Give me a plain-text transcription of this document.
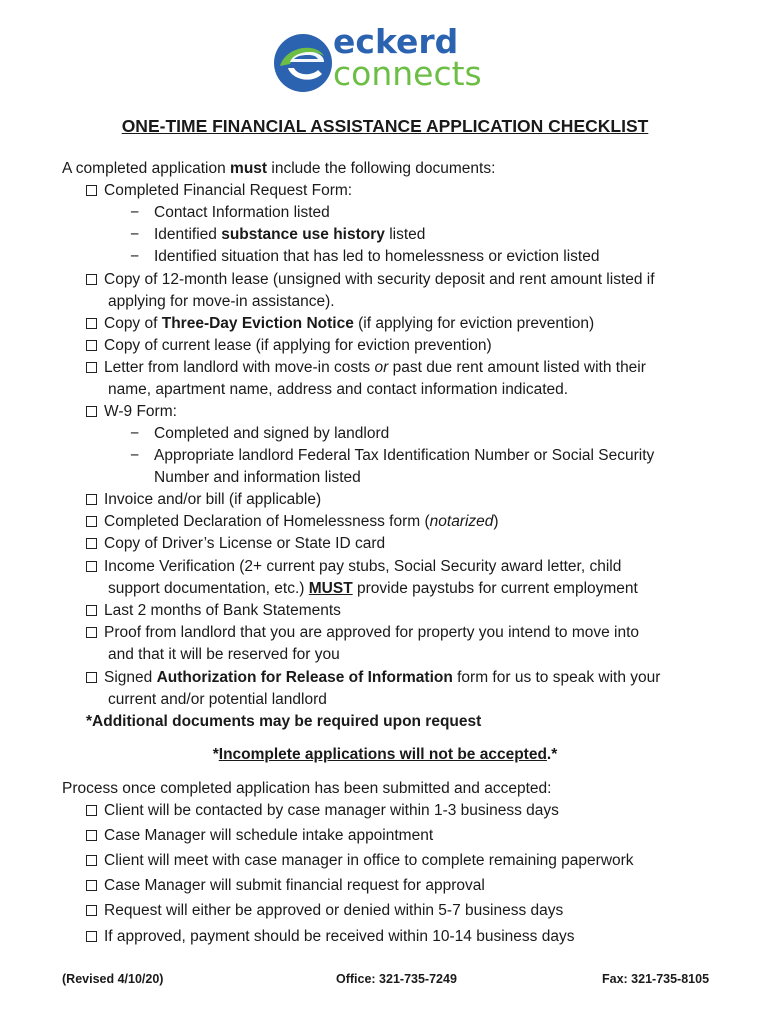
eckerd
connects
ONE-TIME FINANCIAL ASSISTANCE APPLICATION CHECKLIST
A completed application must include the following documents:
Completed Financial Request Form:
− Contact Information listed
− Identified substance use history listed
− Identified situation that has led to homelessness or eviction listed
Copy of 12-month lease (unsigned with security deposit and rent amount listed if
applying for move-in assistance).
Copy of Three-Day Eviction Notice (if applying for eviction prevention)
Copy of current lease (if applying for eviction prevention)
Letter from landlord with move-in costs or past due rent amount listed with their
name, apartment name, address and contact information indicated.
W-9 Form:
− Completed and signed by landlord
− Appropriate landlord Federal Tax Identification Number or Social Security
Number and information listed
Invoice and/or bill (if applicable)
Completed Declaration of Homelessness form (notarized)
Copy of Driver’s License or State ID card
Income Verification (2+ current pay stubs, Social Security award letter, child
support documentation, etc.) MUST provide paystubs for current employment
Last 2 months of Bank Statements
Proof from landlord that you are approved for property you intend to move into
and that it will be reserved for you
Signed Authorization for Release of Information form for us to speak with your
current and/or potential landlord
*Additional documents may be required upon request
*Incomplete applications will not be accepted.*
Process once completed application has been submitted and accepted:
Client will be contacted by case manager within 1-3 business days
Case Manager will schedule intake appointment
Client will meet with case manager in office to complete remaining paperwork
Case Manager will submit financial request for approval
Request will either be approved or denied within 5-7 business days
If approved, payment should be received within 10-14 business days
(Revised 4/10/20)	Office: 321-735-7249	Fax: 321-735-8105
